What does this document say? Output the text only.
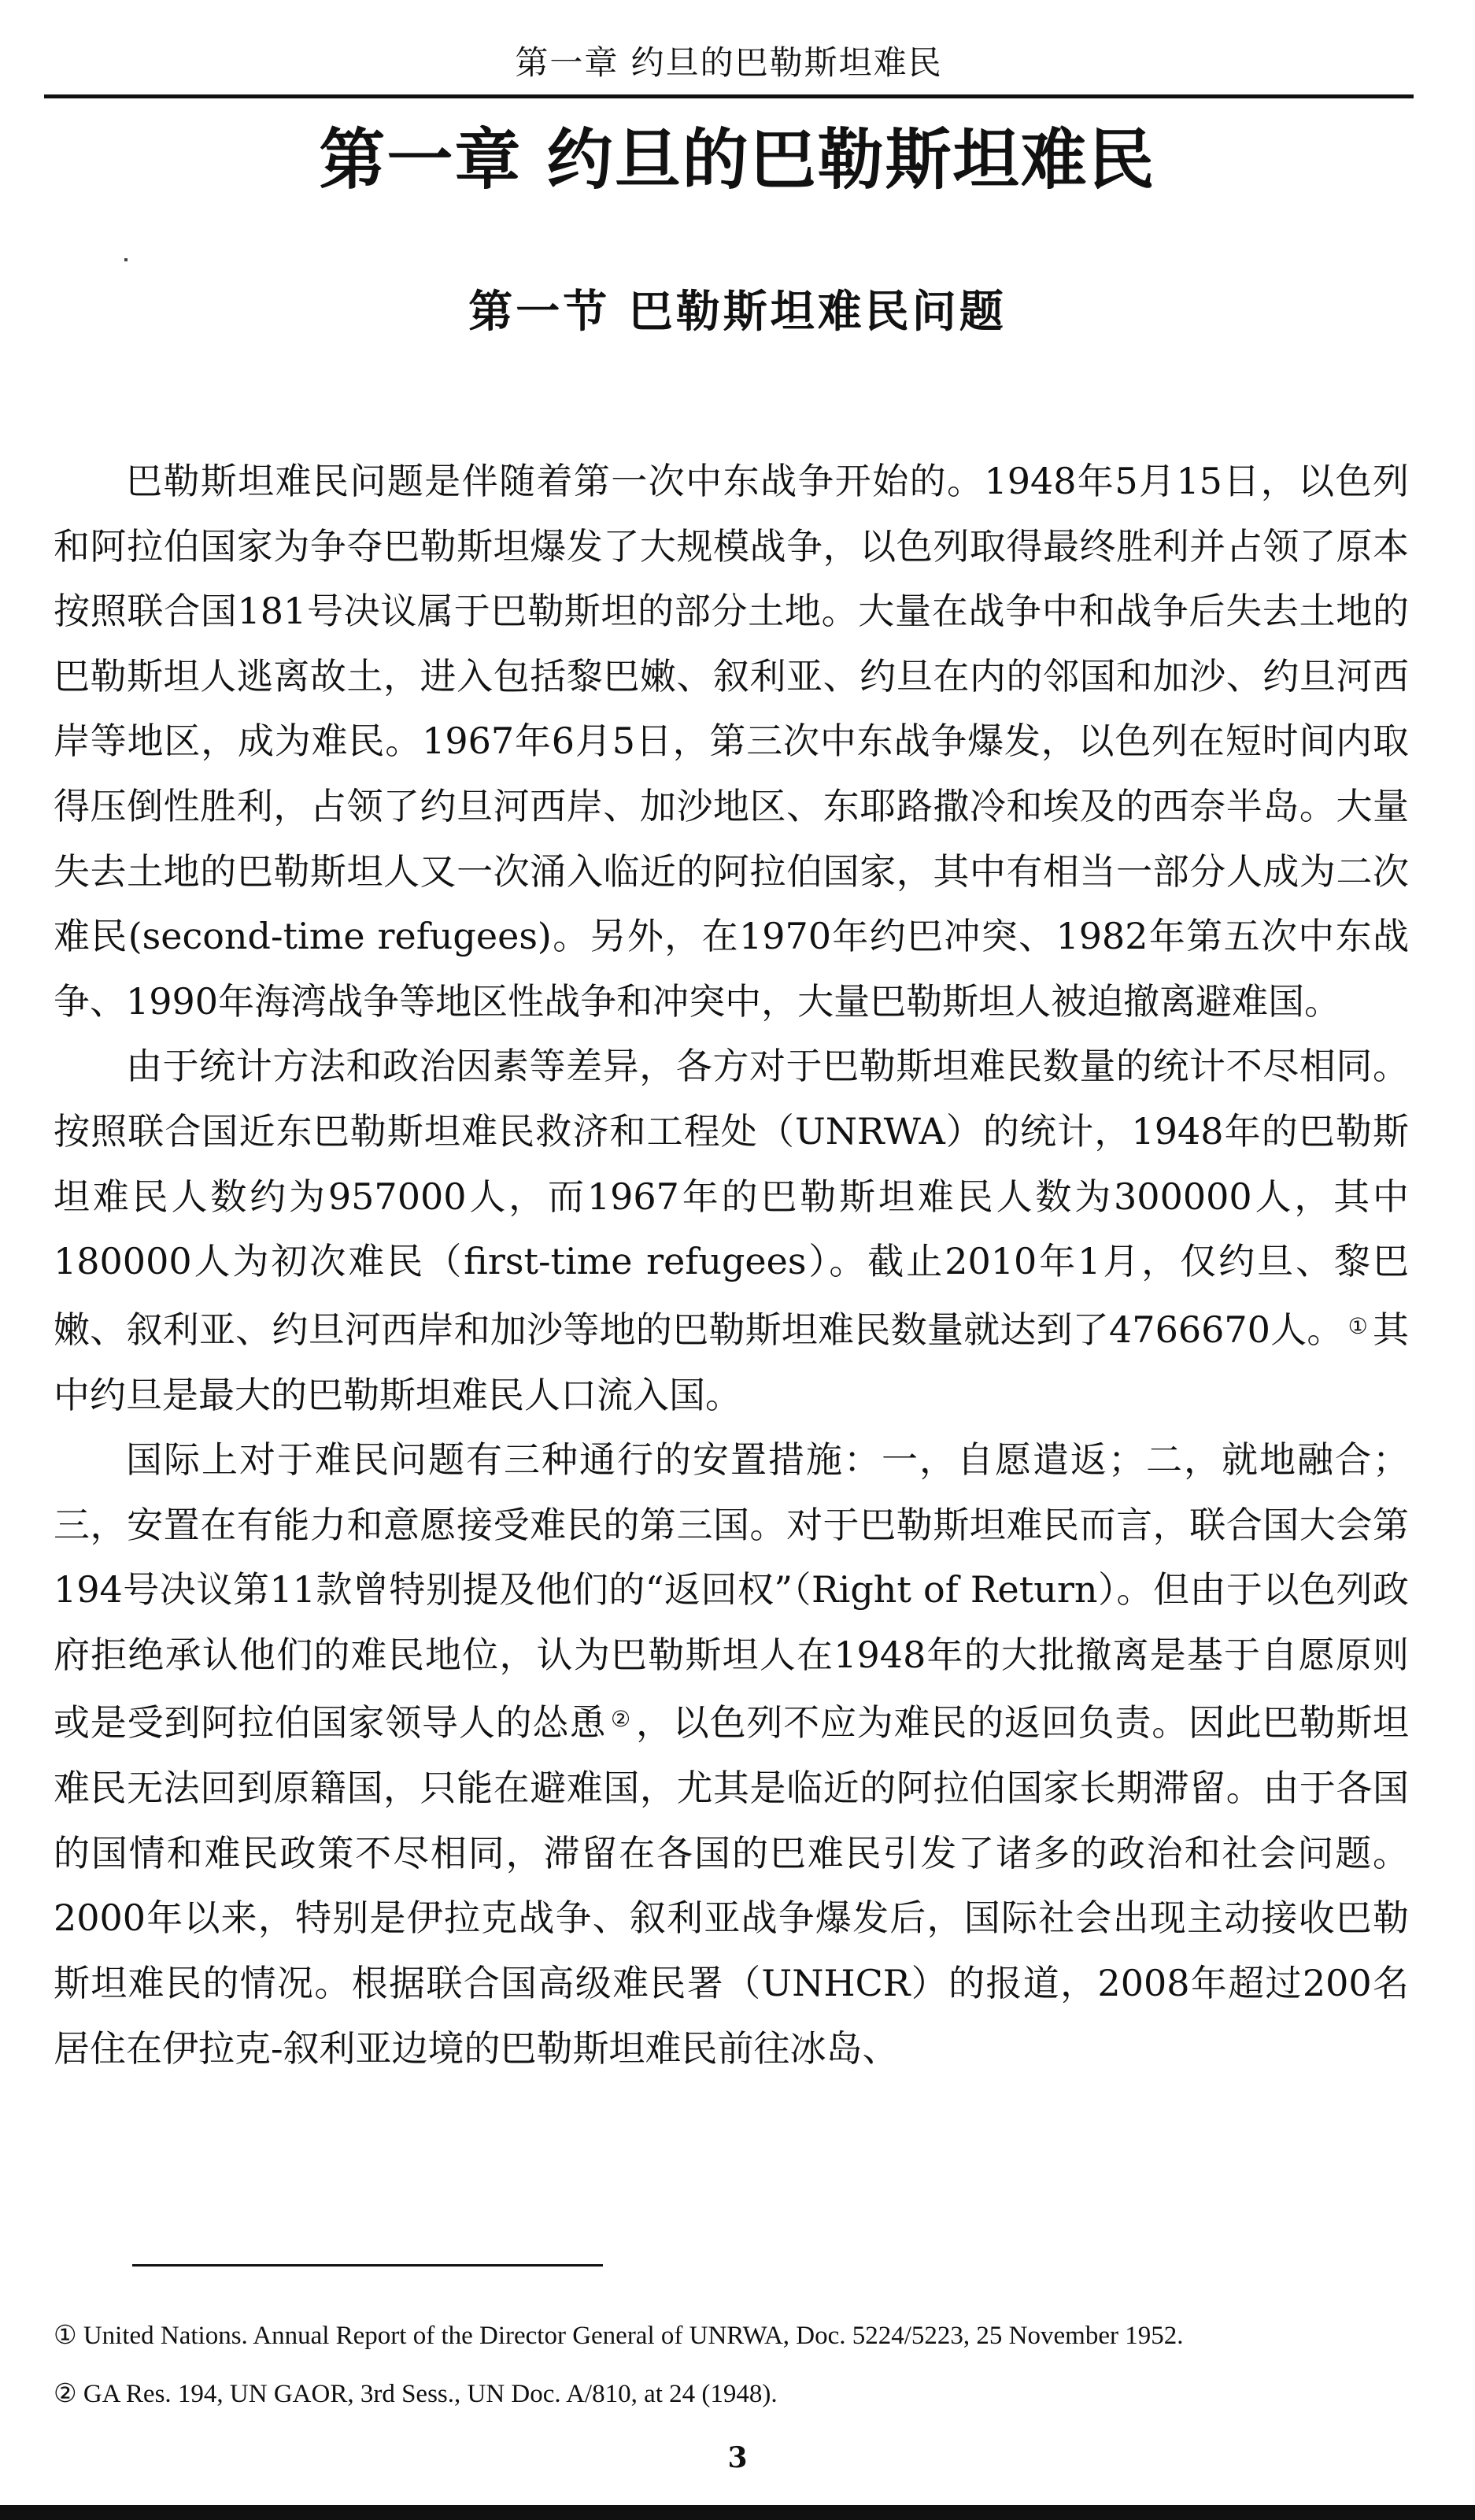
第一章 约旦的巴勒斯坦难民
第一章 约旦的巴勒斯坦难民
第一节 巴勒斯坦难民问题

巴勒斯坦难民问题是伴随着第一次中东战争开始的。1948年5月15日，以色列和阿拉伯国家为争夺巴勒斯坦爆发了大规模战争，以色列取得最终胜利并占领了原本按照联合国181号决议属于巴勒斯坦的部分土地。大量在战争中和战争后失去土地的巴勒斯坦人逃离故土，进入包括黎巴嫩、叙利亚、约旦在内的邻国和加沙、约旦河西岸等地区，成为难民。1967年6月5日，第三次中东战争爆发，以色列在短时间内取得压倒性胜利，占领了约旦河西岸、加沙地区、东耶路撒冷和埃及的西奈半岛。大量失去土地的巴勒斯坦人又一次涌入临近的阿拉伯国家，其中有相当一部分人成为二次难民(second-time refugees)。另外，在1970年约巴冲突、1982年第五次中东战争、1990年海湾战争等地区性战争和冲突中，大量巴勒斯坦人被迫撤离避难国。

由于统计方法和政治因素等差异，各方对于巴勒斯坦难民数量的统计不尽相同。按照联合国近东巴勒斯坦难民救济和工程处（UNRWA）的统计，1948年的巴勒斯坦难民人数约为957000人，而1967年的巴勒斯坦难民人数为300000人，其中180000人为初次难民（first-time refugees）。截止2010年1月，仅约旦、黎巴嫩、叙利亚、约旦河西岸和加沙等地的巴勒斯坦难民数量就达到了4766670人。 ① 其中约旦是最大的巴勒斯坦难民人口流入国。

国际上对于难民问题有三种通行的安置措施：一，自愿遣返；二，就地融合；三，安置在有能力和意愿接受难民的第三国。对于巴勒斯坦难民而言，联合国大会第194号决议第11款曾特别提及他们的“返回权”（Right of Return）。但由于以色列政府拒绝承认他们的难民地位，认为巴勒斯坦人在1948年的大批撤离是基于自愿原则或是受到阿拉伯国家领导人的怂恿 ② ，以色列不应为难民的返回负责。因此巴勒斯坦难民无法回到原籍国，只能在避难国，尤其是临近的阿拉伯国家长期滞留。由于各国的国情和难民政策不尽相同，滞留在各国的巴难民引发了诸多的政治和社会问题。2000年以来，特别是伊拉克战争、叙利亚战争爆发后，国际社会出现主动接收巴勒斯坦难民的情况。根据联合国高级难民署（UNHCR）的报道，2008年超过200名居住在伊拉克-叙利亚边境的巴勒斯坦难民前往冰岛、

① United Nations. Annual Report of the Director General of UNRWA, Doc. 5224/5223, 25 November 1952.
② GA Res. 194, UN GAOR, 3rd Sess., UN Doc. A/810, at 24 (1948).
3
